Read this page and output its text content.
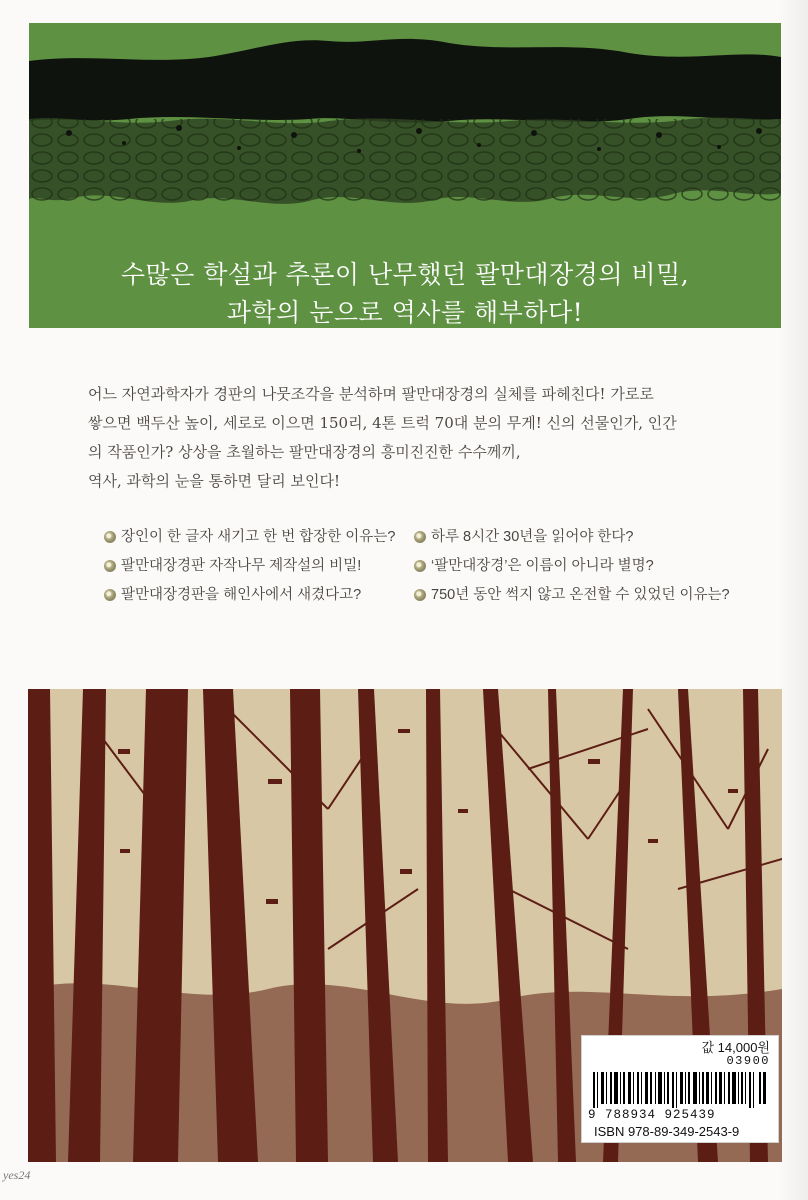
수많은 학설과 추론이 난무했던 팔만대장경의 비밀,
과학의 눈으로 역사를 해부하다!

어느 자연과학자가 경판의 나뭇조각을 분석하며 팔만대장경의 실체를 파헤친다! 가로로
쌓으면 백두산 높이, 세로로 이으면 150리, 4톤 트럭 70대 분의 무게! 신의 선물인가, 인간
의 작품인가? 상상을 초월하는 팔만대장경의 흥미진진한 수수께끼,
역사, 과학의 눈을 통하면 달리 보인다!

장인이 한 글자 새기고 한 번 합장한 이유는? 하루 8시간 30년을 읽어야 한다?
팔만대장경판 자작나무 제작설의 비밀!	‘팔만대장경’은 이름이 아니라 별명?
팔만대장경판을 해인사에서 새겼다고?	750년 동안 썩지 않고 온전할 수 있었던 이유는?
값 14,000원
03900
9 788934 925439
ISBN 978-89-349-2543-9
yes24
